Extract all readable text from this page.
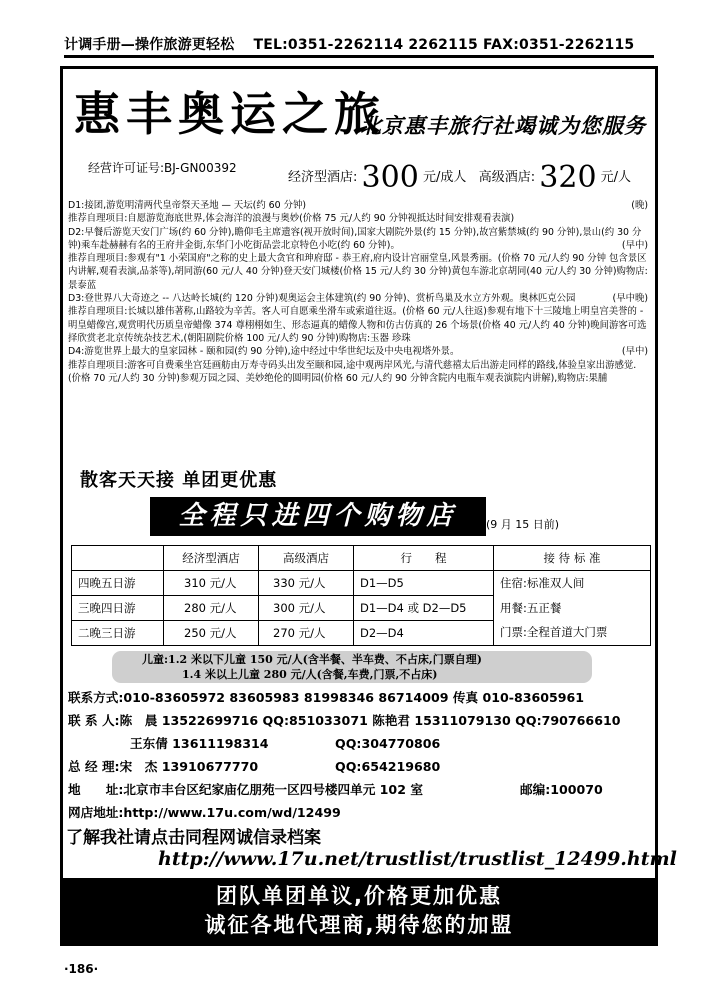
计调手册—操作旅游更轻松 TEL:0351-2262114 2262115 FAX:0351-2262115
惠丰奥运之旅
北京惠丰旅行社竭诚为您服务
经营许可证号:BJ-GN00392
经济型酒店: 300 元/成人 高级酒店: 320 元/人

(晚)
D1:接团,游览明清两代皇帝祭天圣地 — 天坛(约 60 分钟)

推荐自理项目:自愿游览海底世界,体会海洋的浪漫与奥妙(价格 75 元/人约 90 分钟视抵达时间安排观看表演)

D2:早餐后游览天安门广场(约 60 分钟),瞻仰毛主席遗容(视开放时间),国家大剧院外景(约 15 分钟),故宫紫禁城(约 90 分钟),景山(约 30 分钟)乘车赴赫赫有名的王府井金街,东华门小吃街品尝北京特色小吃(约 60 分钟)。	(早中)

推荐自理项目:参观有"1 小荣国府"之称的史上最大贪官和珅府邸 - 恭王府,府内设计宫丽堂皇,风景秀丽。(价格 70 元/人约 90 分钟 包含景区内讲解,观看表演,品茶等),胡同游(60 元/人 40 分钟)登天安门城楼(价格 15 元/人约 30 分钟)黄包车游北京胡同(40 元/人约 30 分钟)购物店:景泰蓝

D3:登世界八大奇迹之 -- 八达岭长城(约 120 分钟)观奥运会主体建筑(约 90 分钟)、赏析鸟巢及水立方外观。奥林匹克公园	(早中晚)

推荐自理项目:长城以雄伟著称,山路较为辛苦。客人可自愿乘坐滑车或索道往返。(价格 60 元/人往返)参观有地下十三陵地上明皇宫美誉的 - 明皇蜡像宫,观赏明代历质皇帝蜡像 374 尊栩栩如生、形态逼真的蜡像人物和仿古仿真的 26 个场景(价格 40 元/人约 40 分钟)晚间游客可选择欣赏老北京传统杂技艺术,(朝阳剧院价格 100 元/人约 90 分钟)购物店:玉器 珍珠

(早中)
D4:游览世界上最大的皇家园林 - 颐和园(约 90 分钟),途中经过中华世纪坛及中央电视塔外景。

推荐自理项目:游客可自费乘坐宫廷画舫由万寿寺码头出发至颐和园,途中观两岸风光,与清代慈禧太后出游走同样的路线,体验皇家出游感觉.(价格 70 元/人约 30 分钟)参观万园之园、美妙绝伦的圆明园(价格 60 元/人约 90 分钟含院内电瓶车观表演院内讲解),购物店:果脯

散客天天接 单团更优惠
全程只进四个购物店	(9 月 15 日前)
	经济型酒店	高级酒店	行　　程	接 待 标 准
四晚五日游	310 元/人	330 元/人	D1—D5	住宿:标准双人间
用餐:五正餐
门票:全程首道大门票

三晚四日游	280 元/人	300 元/人	D1—D4 或 D2—D5	
二晚三日游	250 元/人	270 元/人	D2—D4	
儿童:1.2 米以下儿童 150 元/人(含半餐、半车费、不占床,门票自理)
1.4 米以上儿童 280 元/人(含餐,车费,门票,不占床)
联系方式:010-83605972 83605983 81998346 86714009 传真 010-83605961
联 系 人:陈　晨 13522699716 QQ:851033071 陈艳君 15311079130 QQ:790766610
王东倩 13611198314	QQ:304770806
总 经 理:宋　杰 13910677770	QQ:654219680
地　　址:北京市丰台区纪家庙亿朋苑一区四号楼四单元 102 室	邮编:100070
网店地址:http://www.17u.com/wd/12499
了解我社请点击同程网诚信录档案
http://www.17u.net/trustlist/trustlist_12499.html
团队单团单议,价格更加优惠
诚征各地代理商,期待您的加盟
·186·
